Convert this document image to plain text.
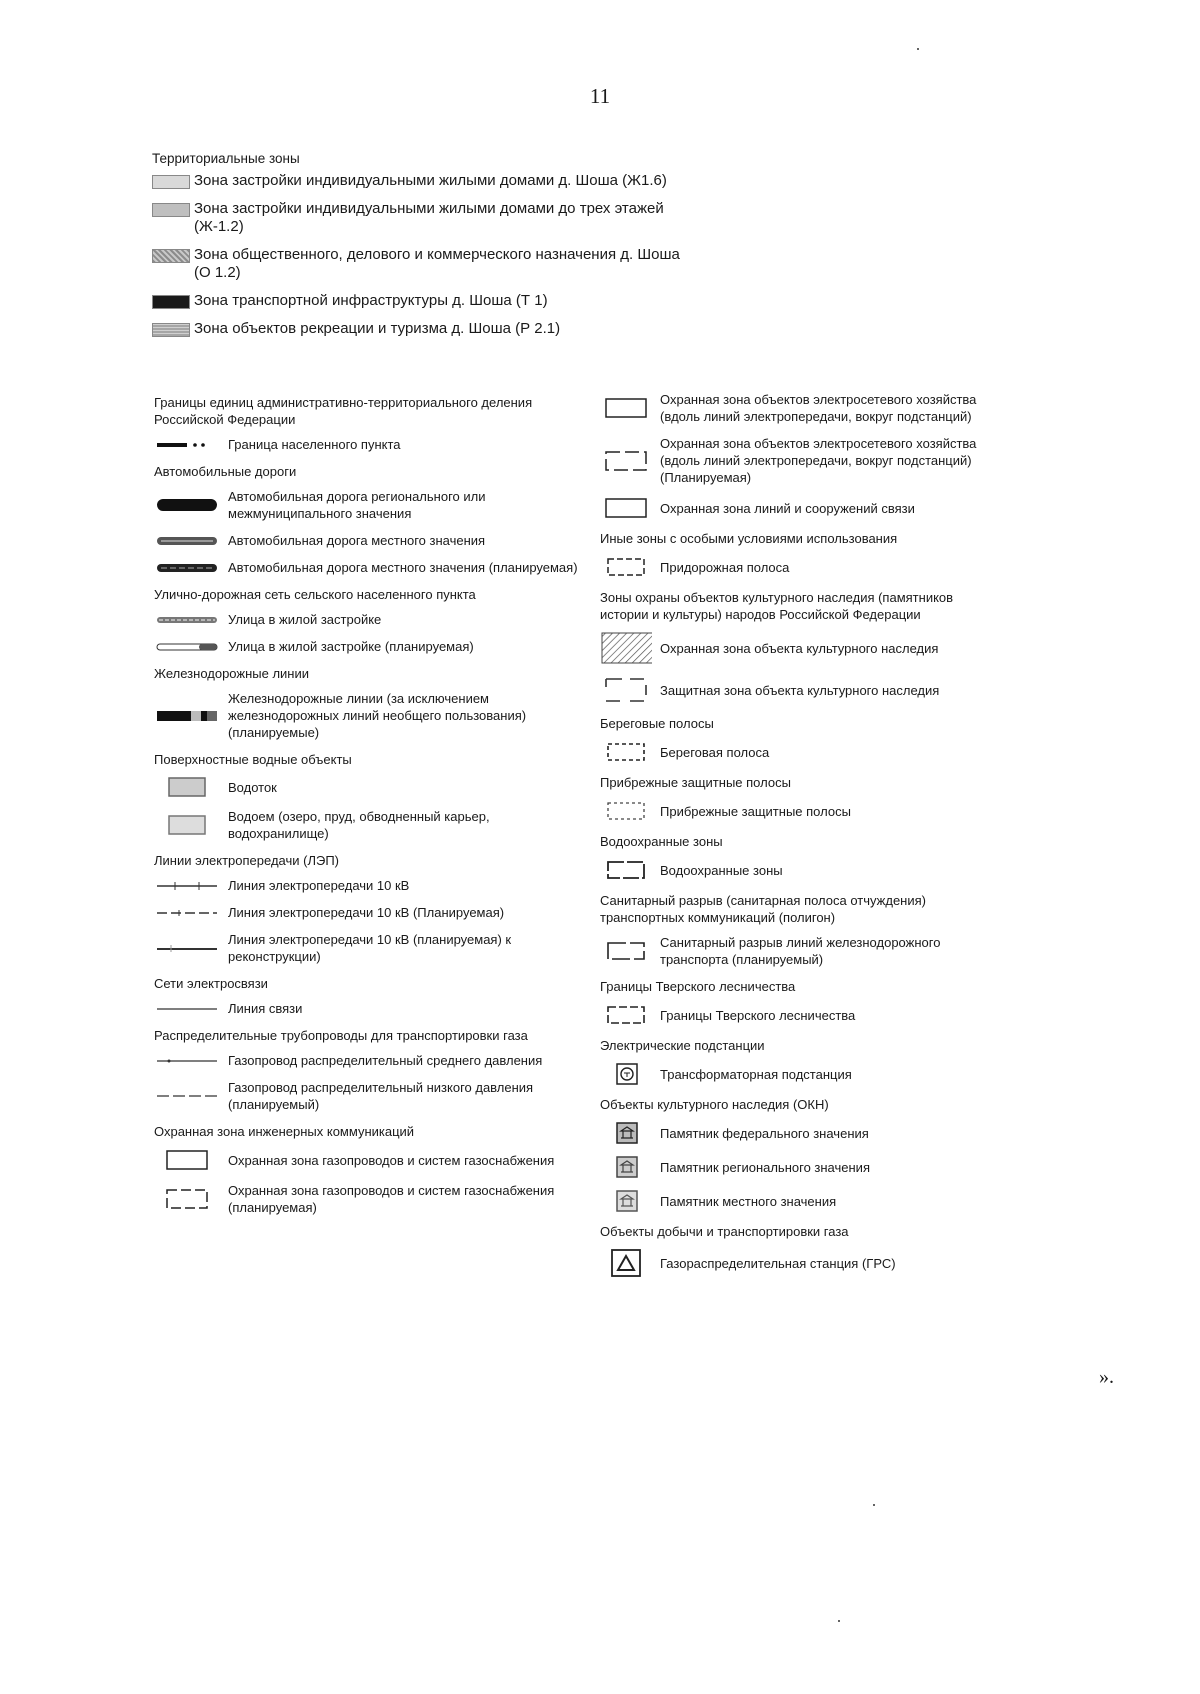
11
Территориальные зоны
Зона застройки индивидуальными жилыми домами д. Шоша (Ж1.6)
Зона застройки индивидуальными жилыми домами до трех этажей (Ж-1.2)
Зона общественного, делового и коммерческого назначения д. Шоша (О 1.2)
Зона транспортной инфраструктуры д. Шоша (Т 1)
Зона объектов рекреации и туризма д. Шоша (Р 2.1)
Границы единиц административно-территориального деления Российской Федерации
Граница населенного пункта
Автомобильные дороги
Автомобильная дорога регионального или межмуниципального значения
Автомобильная дорога местного значения
Автомобильная дорога местного значения (планируемая)
Улично-дорожная сеть сельского населенного пункта
Улица в жилой застройке
Улица в жилой застройке (планируемая)
Железнодорожные линии
Железнодорожные линии (за исключением железнодорожных линий необщего пользования) (планируемые)
Поверхностные водные объекты
Водоток
Водоем (озеро, пруд, обводненный карьер, водохранилище)
Линии электропередачи (ЛЭП)
Линия электропередачи 10 кВ
Линия электропередачи 10 кВ (Планируемая)
Линия электропередачи 10 кВ (планируемая) к реконструкции)
Сети электросвязи
Линия связи
Распределительные трубопроводы для транспортировки газа
Газопровод распределительный среднего давления
Газопровод распределительный низкого давления (планируемый)
Охранная зона инженерных коммуникаций
Охранная зона газопроводов и систем газоснабжения
Охранная зона газопроводов и систем газоснабжения (планируемая)
Охранная зона объектов электросетевого хозяйства (вдоль линий электропередачи, вокруг подстанций)
Охранная зона объектов электросетевого хозяйства (вдоль линий электропередачи, вокруг подстанций) (Планируемая)
Охранная зона линий и сооружений связи
Иные зоны с особыми условиями использования
Придорожная полоса
Зоны охраны объектов культурного наследия (памятников истории и культуры) народов Российской Федерации
Охранная зона объекта культурного наследия
Защитная зона объекта культурного наследия
Береговые полосы
Береговая полоса
Прибрежные защитные полосы
Прибрежные защитные полосы
Водоохранные зоны
Водоохранные зоны
Санитарный разрыв (санитарная полоса отчуждения) транспортных коммуникаций (полигон)
Санитарный разрыв линий железнодорожного транспорта (планируемый)
Границы Тверского лесничества
Границы Тверского лесничества
Электрические подстанции
Трансформаторная подстанция
Объекты культурного наследия (ОКН)
Памятник федерального значения
Памятник регионального значения
Памятник местного значения
Объекты добычи и транспортировки газа
Газораспределительная станция (ГРС)
».
